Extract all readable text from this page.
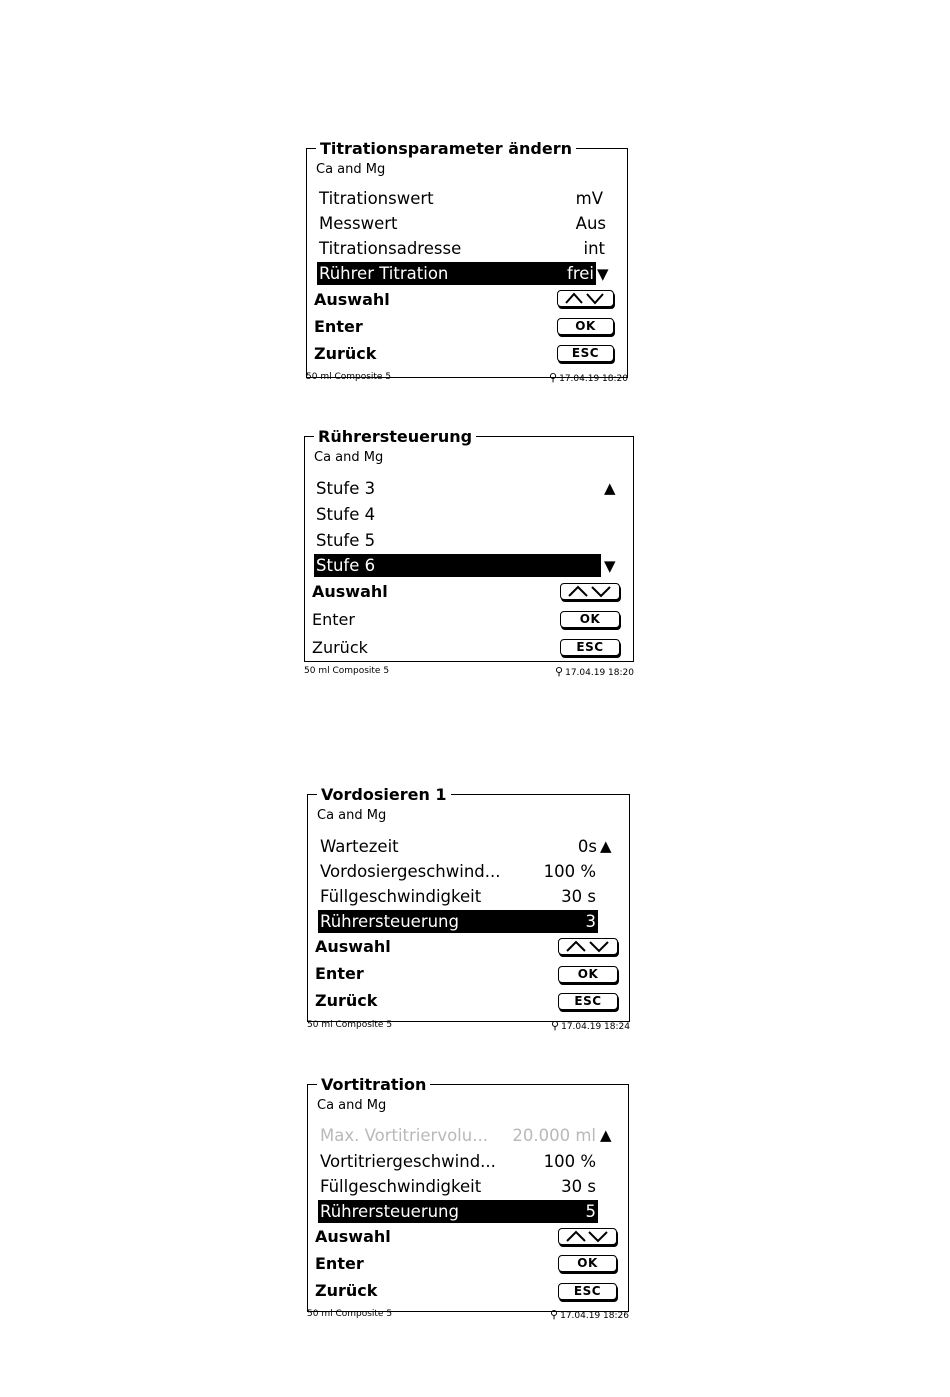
Titrationsparameter ändern
Ca and Mg
Titrationswert	mV
Messwert	Aus
Titrationsadresse	int
Rührer Titration	frei ▼
Auswahl
Enter	OK
Zurück	ESC
50 ml Composite 5	⚲ 17.04.19 18:20
Rührersteuerung
Ca and Mg
Stufe 3	▲
Stufe 4
Stufe 5
Stufe 6	▼
Auswahl
Enter	OK
Zurück	ESC
50 ml Composite 5	⚲ 17.04.19 18:20
Vordosieren 1
Ca and Mg
Wartezeit	0s ▲
Vordosiergeschwind...	100 %
Füllgeschwindigkeit	30 s
Rührersteuerung	3
Auswahl
Enter	OK
Zurück	ESC
50 ml Composite 5	⚲ 17.04.19 18:24
Vortitration
Ca and Mg
Max. Vortitriervolu... 20.000 ml ▲
Vortitriergeschwind...	100 %
Füllgeschwindigkeit	30 s
Rührersteuerung	5
Auswahl
Enter	OK
Zurück	ESC
50 ml Composite 5	⚲ 17.04.19 18:26
